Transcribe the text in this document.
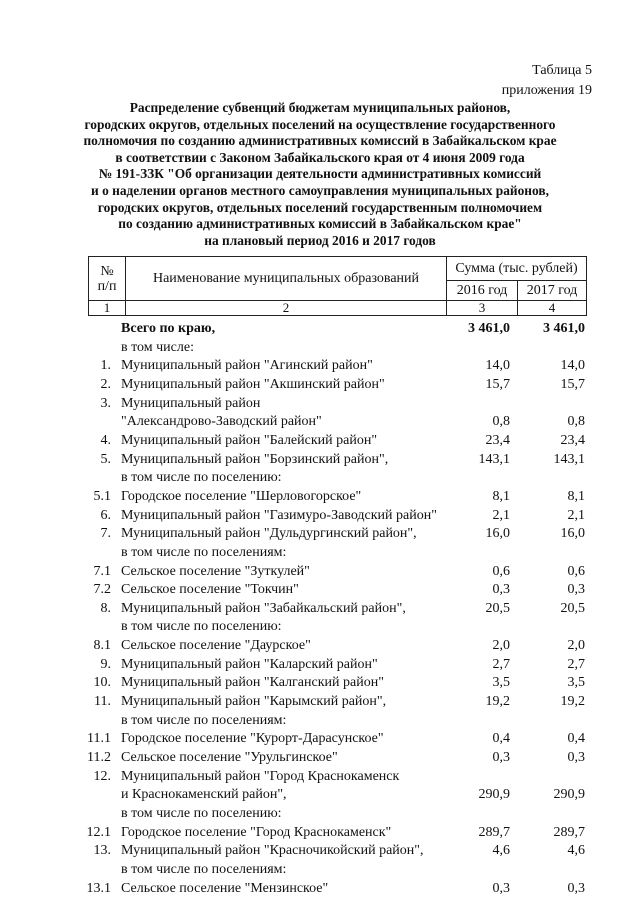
Таблица 5
приложения 19
Распределение субвенций бюджетам муниципальных районов,
городских округов, отдельных поселений на осуществление государственного
полномочия по созданию административных комиссий в Забайкальском крае
в соответствии с Законом Забайкальского края от 4 июня 2009 года
№ 191-ЗЗК "Об организации деятельности административных комиссий
и о наделении органов местного самоуправления муниципальных районов,
городских округов, отдельных поселений государственным полномочием
по созданию административных комиссий в Забайкальском крае"
на плановый период 2016 и 2017 годов
№
п/п	Наименование муниципальных образований	Сумма (тыс. рублей)	
		2016 год	2017 год
1	2	3	4
Всего по краю,	3 461,0 3 461,0
в том числе:
1. Муниципальный район "Агинский район"	14,0	14,0
2. Муниципальный район "Акшинский район"	15,7	15,7
3. Муниципальный район
"Александрово-Заводский район"	0,8	0,8
4. Муниципальный район "Балейский район"	23,4	23,4
5. Муниципальный район "Борзинский район",	143,1	143,1
в том числе по поселению:
5.1 Городское поселение "Шерловогорское"	8,1	8,1
6. Муниципальный район "Газимуро-Заводский район"	2,1	2,1
7. Муниципальный район "Дульдургинский район",	16,0	16,0
в том числе по поселениям:
7.1 Сельское поселение "Зуткулей"	0,6	0,6
7.2 Сельское поселение "Токчин"	0,3	0,3
8. Муниципальный район "Забайкальский район",	20,5	20,5
в том числе по поселению:
8.1 Сельское поселение "Даурское"	2,0	2,0
9. Муниципальный район "Каларский район"	2,7	2,7
10. Муниципальный район "Калганский район"	3,5	3,5
11. Муниципальный район "Карымский район",	19,2	19,2
в том числе по поселениям:
11.1 Городское поселение "Курорт-Дарасунское"	0,4	0,4
11.2 Сельское поселение "Урульгинское"	0,3	0,3
12. Муниципальный район "Город Краснокаменск
и Краснокаменский район",	290,9	290,9
в том числе по поселению:
12.1 Городское поселение "Город Краснокаменск"	289,7	289,7
13. Муниципальный район "Красночикойский район",	4,6	4,6
в том числе по поселениям:
13.1 Сельское поселение "Мензинское"	0,3	0,3
